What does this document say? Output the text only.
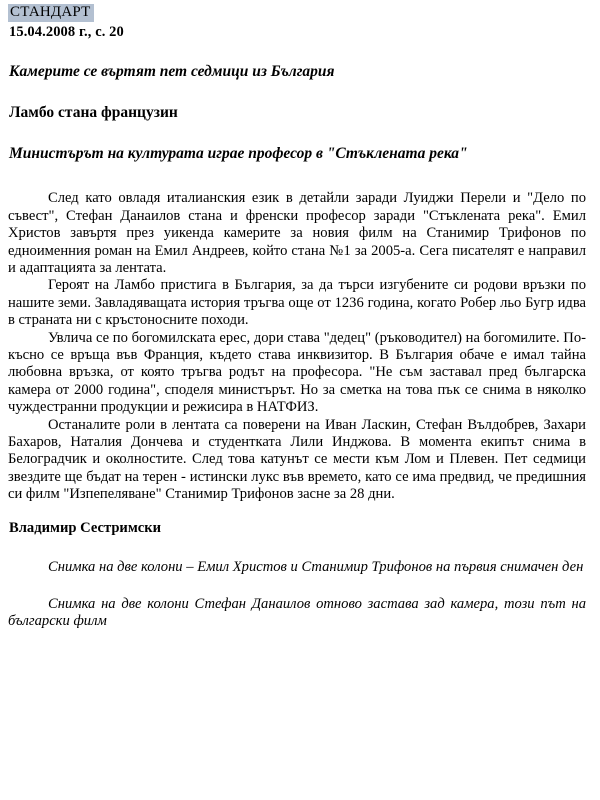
СТАНДАРТ
15.04.2008 г., с. 20
Камерите се въртят пет седмици из България
Ламбо стана французин
Министърът на културата играе професор в "Стъклената река"

След като овладя италианския език в детайли заради Луиджи Перели и "Дело по съвест", Стефан Данаилов стана и френски професор заради "Стъклената река". Емил Христов завъртя през уикенда камерите за новия филм на Станимир Трифонов по едноименния роман на Емил Андреев, който стана №1 за 2005-а. Сега писателят е направил и адаптацията за лентата.

Героят на Ламбо пристига в България, за да търси изгубените си родови връзки по нашите земи. Завладяващата история тръгва още от 1236 година, когато Робер льо Бугр идва в страната ни с кръстоносните походи.

Увлича се по богомилската ерес, дори става "дедец" (ръководител) на богомилите. По-късно се връща във Франция, където става инквизитор. В България обаче е имал тайна любовна връзка, от която тръгва родът на професора. "Не съм заставал пред българска камера от 2000 година", споделя министърът. Но за сметка на това пък се снима в няколко чуждестранни продукции и режисира в НАТФИЗ.

Останалите роли в лентата са поверени на Иван Ласкин, Стефан Вълдобрев, Захари Бахаров, Наталия Дончева и студентката Лили Инджова. В момента екипът снима в Белоградчик и околностите. След това катунът се мести към Лом и Плевен. Пет седмици звездите ще бъдат на терен - истински лукс във времето, като се има предвид, че предишния си филм "Изпепеляване" Станимир Трифонов засне за 28 дни.

Владимир Сестримски

Снимка на две колони – Емил Христов и Станимир Трифонов на първия снимачен ден

Снимка на две колони Стефан Данаилов отново застава зад камера, този път на български филм
